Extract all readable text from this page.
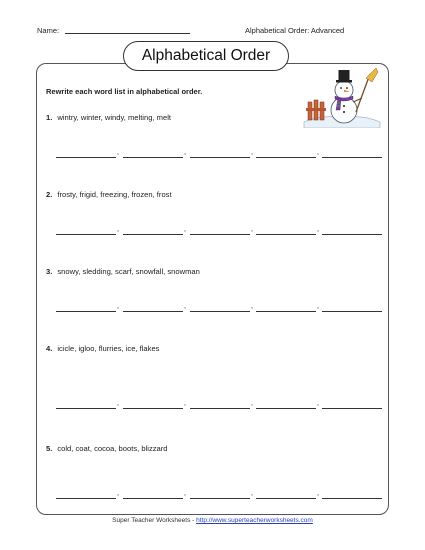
Name:	Alphabetical Order: Advanced
Alphabetical Order
Rewrite each word list in alphabetical order.
1. wintry, winter, windy, melting, melt
,	,	,	,
2. frosty, frigid, freezing, frozen, frost
,	,	,	,
3. snowy, sledding, scarf, snowfall, snowman
,	,	,	,
4. icicle, igloo, flurries, ice, flakes
,	,	,	,
5. cold, coat, cocoa, boots, blizzard
,	,	,	,
Super Teacher Worksheets - http://www.superteacherworksheets.com
